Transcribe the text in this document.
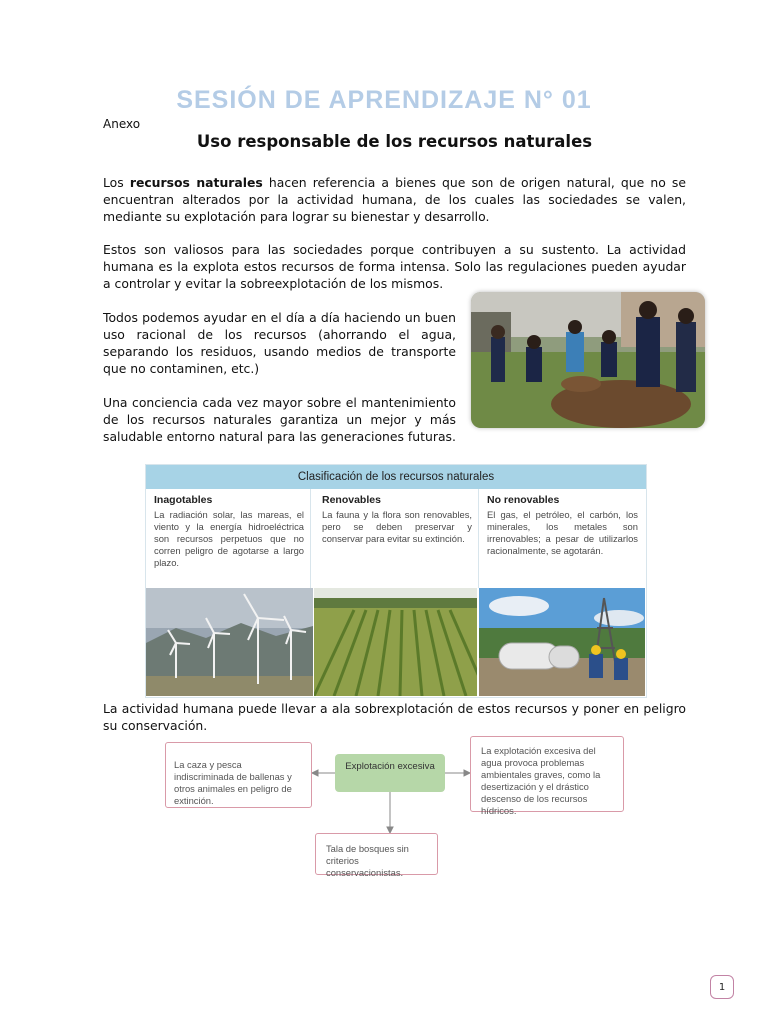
SESIÓN DE APRENDIZAJE N° 01
Anexo
Uso responsable de los recursos naturales

Los recursos naturales hacen referencia a bienes que son de origen natural, que no se encuentran alterados por la actividad humana, de los cuales las sociedades se valen, mediante su explotación para lograr su bienestar y desarrollo.

Estos son valiosos para las sociedades porque contribuyen a su sustento. La actividad humana es la explota estos recursos de forma intensa. Solo las regulaciones pueden ayudar a controlar y evitar la sobreexplotación de los mismos.

Todos podemos ayudar en el día a día haciendo un buen uso racional de los recursos (ahorrando el agua, separando los residuos, usando medios de transporte que no contaminen, etc.)

Una conciencia cada vez mayor sobre el mantenimiento de los recursos naturales garantiza un mejor y más saludable entorno natural para las generaciones futuras.

Clasificación de los recursos naturales
Inagotables

La radiación solar, las mareas, el viento y la energía hidroeléctrica son recursos perpetuos que no corren peligro de agotarse a largo plazo.

Renovables

La fauna y la flora son renovables, pero se deben preservar y conservar para evitar su extinción.

No renovables

El gas, el petróleo, el carbón, los minerales, los metales son irrenovables; a pesar de utilizarlos racionalmente, se agotarán.

La actividad humana puede llevar a ala sobrexplotación de estos recursos y poner en peligro su conservación.

La caza y pesca indiscriminada de ballenas y otros animales en peligro de extinción.
Explotación excesiva
La explotación excesiva del agua provoca problemas ambientales graves, como la desertización y el drástico descenso de los recursos hídricos.
Tala de bosques sin criterios conservacionistas.
1
